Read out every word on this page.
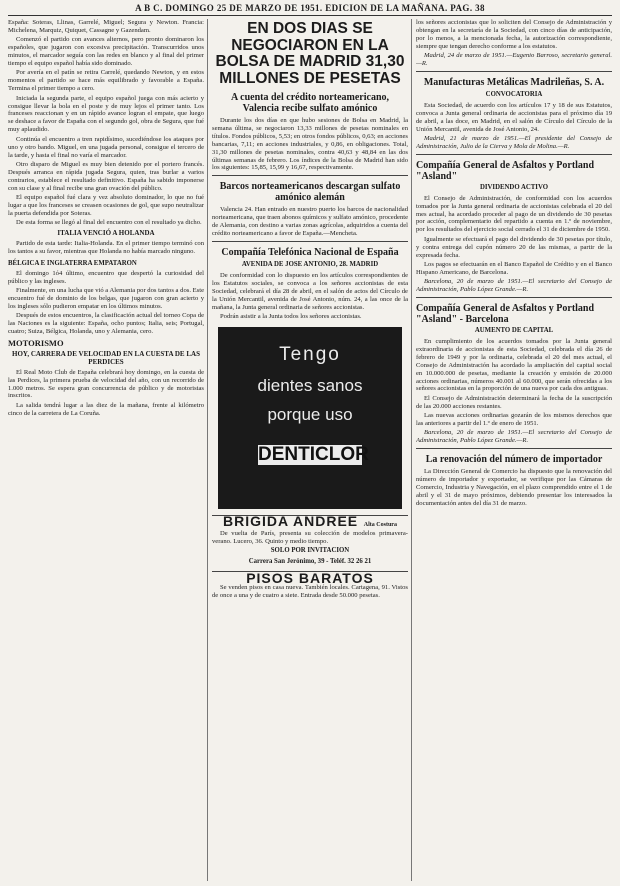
A B C. DOMINGO 25 DE MARZO DE 1951. EDICION DE LA MAÑANA. PAG. 38

España: Soteras, Llinas, Garrelé, Miguel; Segura y Newton. Francia: Michelena, Marquiz, Quiquet, Cassagne y Gazendam.

Comenzó el partido con avances alternos, pero pronto dominaron los españoles, que jugaron con excesiva precipitación. Transcurridos unos minutos, el marcador seguía con las redes en blanco y al final del primer tiempo el equipo español había sido dominado.

Por avería en el patín se retira Carrelé, quedando Newton, y en estos momentos el partido se hace más equilibrado y favorable a España. Termina el primer tiempo a cero.

Iniciada la segunda parte, el equipo español juega con más acierto y consigue llevar la bola en el poste y de muy lejos el primer tanto. Los franceses reaccionan y en un rápido avance logran el empate, que luego se deshace a favor de España con el segundo gol, obra de Segura, que fué muy aplaudido.

Continúa el encuentro a tren rapidísimo, sucediéndose los ataques por uno y otro bando. Miguel, en una jugada personal, consigue el tercero de la tarde, y hasta el final no varía el marcador.

Otro disparo de Miguel es muy bien detenido por el portero francés. Después arranca en rápida jugada Segura, quien, tras burlar a varios contrarios, establece el resultado definitivo. España ha sabido imponerse con su clase y al final recibe una gran ovación del público.

El equipo español fué clara y vez absoluto dominador, lo que no fué lugar a que los franceses se creasen ocasiones de gol, que supo neutralizar la puerta defendida por Soteras.

De esta forma se llegó al final del encuentro con el resultado ya dicho.

ITALIA VENCIÓ A HOLANDA

Partido de esta tarde: Italia-Holanda. En el primer tiempo terminó con los tantos a su favor, mientras que Holanda no había marcado ninguno.

BÉLGICA E INGLATERRA EMPATARON

El domingo 1ó4 último, encuentro que despertó la curiosidad del público y las ingleses.

Finalmente, en una lucha que vió a Alemania por dos tantos a dos. Este encuentro fué de dominio de los belgas, que jugaron con gran acierto y los ingleses sólo pudieron empatar en los últimos minutos.

Después de estos encuentros, la clasificación actual del torneo Copa de las Naciones es la siguiente: España, ocho puntos; Italia, seis; Portugal, cuatro; Suiza, Bélgica, Holanda, uno y Alemania, cero.

MOTORISMO
HOY, CARRERA DE VELOCIDAD EN LA CUESTA DE LAS PERDICES

El Real Moto Club de España celebrará hoy domingo, en la cuesta de las Perdices, la primera prueba de velocidad del año, con un recorrido de 1.000 metros. Se espera gran concurrencia de público y de motoristas inscritos.

La salida tendrá lugar a las diez de la mañana, frente al kilómetro cinco de la carretera de La Coruña.

EN DOS DIAS SE NEGOCIARON EN LA BOLSA DE MADRID 31,30 MILLONES DE PESETAS
A cuenta del crédito norteamericano, Valencia recibe sulfato amónico

Durante los dos días en que hubo sesiones de Bolsa en Madrid, la semana última, se negociaron 13,33 millones de pesetas nominales en títulos. Fondos públicos, 5,53; en otros fondos públicos, 0,63; en acciones bancarias, 7,11; en acciones industriales, y 0,86, en obligaciones. Total, 31,30 millones de pesetas nominales, contra 40,63 y 48,84 en las dos últimas semanas de febrero. Los índices de la Bolsa de Madrid han sido los siguientes: 15,85, 15,99 y 16,67, respectivamente.

Barcos norteamericanos descargan sulfato amónico alemán

Valencia 24. Han entrado en nuestro puerto los barcos de nacionalidad norteamericana, que traen abonos químicos y sulfato amónico, procedente de Alemania, con destino a varias zonas agrícolas, adquiridos a cuenta del crédito norteamericano a favor de España.—Mencheta.

Compañía Telefónica Nacional de España
AVENIDA DE JOSE ANTONIO, 28. MADRID

De conformidad con lo dispuesto en los artículos correspondientes de los Estatutos sociales, se convoca a los señores accionistas de esta Sociedad, celebrará el día 28 de abril, en el salón de actos del Círculo de la Unión Mercantil, avenida de José Antonio, núm. 24, a las once de la mañana, la Junta general ordinaria de señores accionistas.

Podrán asistir a la Junta todos los señores accionistas.

Tengo
dientes sanos
porque uso
DENTICLOR
BRIGIDA ANDREE Alta Costura

De vuelta de París, presenta su colección de modelos primavera-verano. Lucero, 36. Quinto y medio tiempo.

SOLO POR INVITACION
Carrera San Jerónimo, 39 - Teléf. 32 26 21
PISOS BARATOS

Se venden pisos en casa nueva. También locales. Cartagena, 91. Vistos de once a una y de cuatro a siete. Entrada desde 50.000 pesetas.

los señores accionistas que lo soliciten del Consejo de Administración y obtengan en la secretaría de la Sociedad, con cinco días de anticipación, por lo menos, a la mencionada fecha, la autorización correspondiente, siempre que tengan derecho conforme a los estatutos.

Madrid, 24 de marzo de 1951.—Eugenio Barroso, secretario general.—R.

Manufacturas Metálicas Madrileñas, S. A.
CONVOCATORIA

Esta Sociedad, de acuerdo con los artículos 17 y 18 de sus Estatutos, convoca a Junta general ordinaria de accionistas para el próximo día 19 de abril, a las doce, en Madrid, en el salón de Círculo del Círculo de la Unión Mercantil, avenida de José Antonio, 24.

Madrid, 21 de marzo de 1951.—El presidente del Consejo de Administración, Julio de la Cierva y Mola de Molina.—R.

Compañía General de Asfaltos y Portland "Asland"
DIVIDENDO ACTIVO

El Consejo de Administración, de conformidad con los acuerdos tomados por la Junta general ordinaria de accionistas celebrada el 20 del mes actual, ha acordado proceder al pago de un dividendo de 30 pesetas por acción, complementario del repartido a cuenta en 1.º de noviembre, por los resultados del ejercicio social cerrado el 31 de diciembre de 1950.

Igualmente se efectuará el pago del dividendo de 30 pesetas por título, y contra entrega del cupón número 20 de las mismas, a partir de la expresada fecha.

Los pagos se efectuarán en el Banco Español de Crédito y en el Banco Hispano Americano, de Barcelona.

Barcelona, 20 de marzo de 1951.—El secretario del Consejo de Administración, Pablo López Grande.—R.

Compañía General de Asfaltos y Portland "Asland" - Barcelona
AUMENTO DE CAPITAL

En cumplimiento de los acuerdos tomados por la Junta general extraordinaria de accionistas de esta Sociedad, celebrada el día 26 de febrero de 1949 y por la ordinaria, celebrada el 20 del mes actual, el Consejo de Administración ha acordado la ampliación del capital social en 10.000.000 de pesetas, mediante la creación y emisión de 20.000 acciones ordinarias, números 40.001 al 60.000, que serán ofrecidas a los señores accionistas en la proporción de una nueva por cada dos antiguas.

El Consejo de Administración determinará la fecha de la suscripción de las 20.000 acciones restantes.

Las nuevas acciones ordinarias gozarán de los mismos derechos que las anteriores a partir del 1.º de enero de 1951.

Barcelona, 20 de marzo de 1951.—El secretario del Consejo de Administración, Pablo López Grande.—R.

La renovación del número de importador

La Dirección General de Comercio ha dispuesto que la renovación del número de importador y exportador, se verifique por las Cámaras de Comercio, Industria y Navegación, en el plazo comprendido entre el 1 de abril y el 31 de mayo próximos, debiendo presentar los interesados la documentación antes del día 31 de marzo.
